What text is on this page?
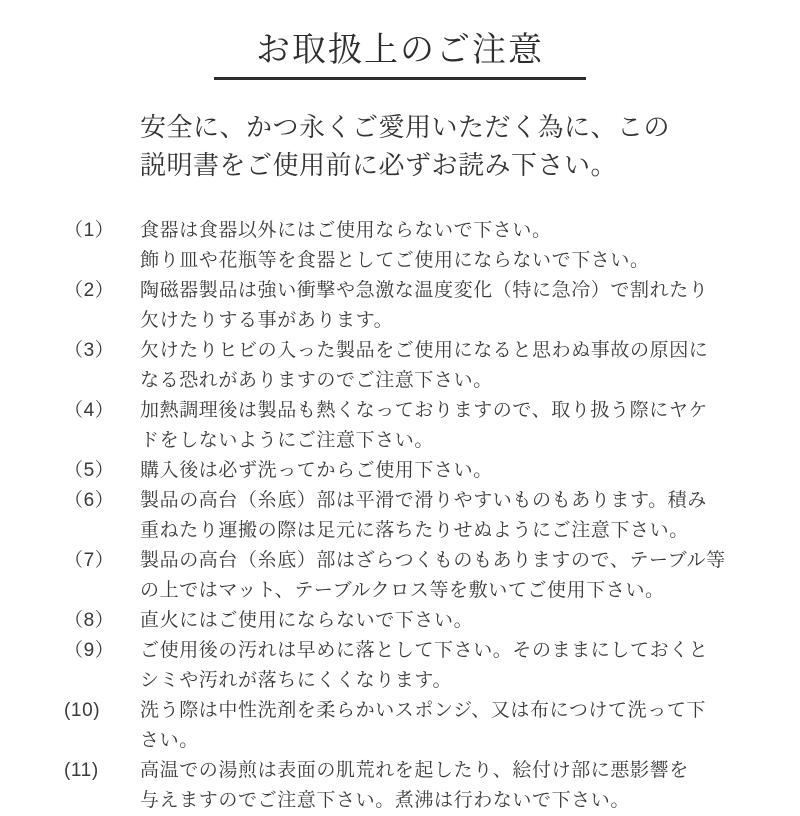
お取扱上のご注意

安全に、かつ永くご愛用いただく為に、この
説明書をご使用前に必ずお読み下さい。

（1）	食器は食器以外にはご使用ならないで下さい。
飾り皿や花瓶等を食器としてご使用にならないで下さい。
（2）	陶磁器製品は強い衝撃や急激な温度変化（特に急冷）で割れたり
欠けたりする事があります。
（3）	欠けたりヒビの入った製品をご使用になると思わぬ事故の原因に
なる恐れがありますのでご注意下さい。
（4）	加熱調理後は製品も熱くなっておりますので、取り扱う際にヤケ
ドをしないようにご注意下さい。
（5）	購入後は必ず洗ってからご使用下さい。
（6）	製品の高台（糸底）部は平滑で滑りやすいものもあります。積み
重ねたり運搬の際は足元に落ちたりせぬようにご注意下さい。
（7）	製品の高台（糸底）部はざらつくものもありますので、テーブル等
の上ではマット、テーブルクロス等を敷いてご使用下さい。
（8）	直火にはご使用にならないで下さい。
（9）	ご使用後の汚れは早めに落として下さい。そのままにしておくと
シミや汚れが落ちにくくなります。
(10)	洗う際は中性洗剤を柔らかいスポンジ、又は布につけて洗って下
さい。
(11)	高温での湯煎は表面の肌荒れを起したり、絵付け部に悪影響を
与えますのでご注意下さい。煮沸は行わないで下さい。
